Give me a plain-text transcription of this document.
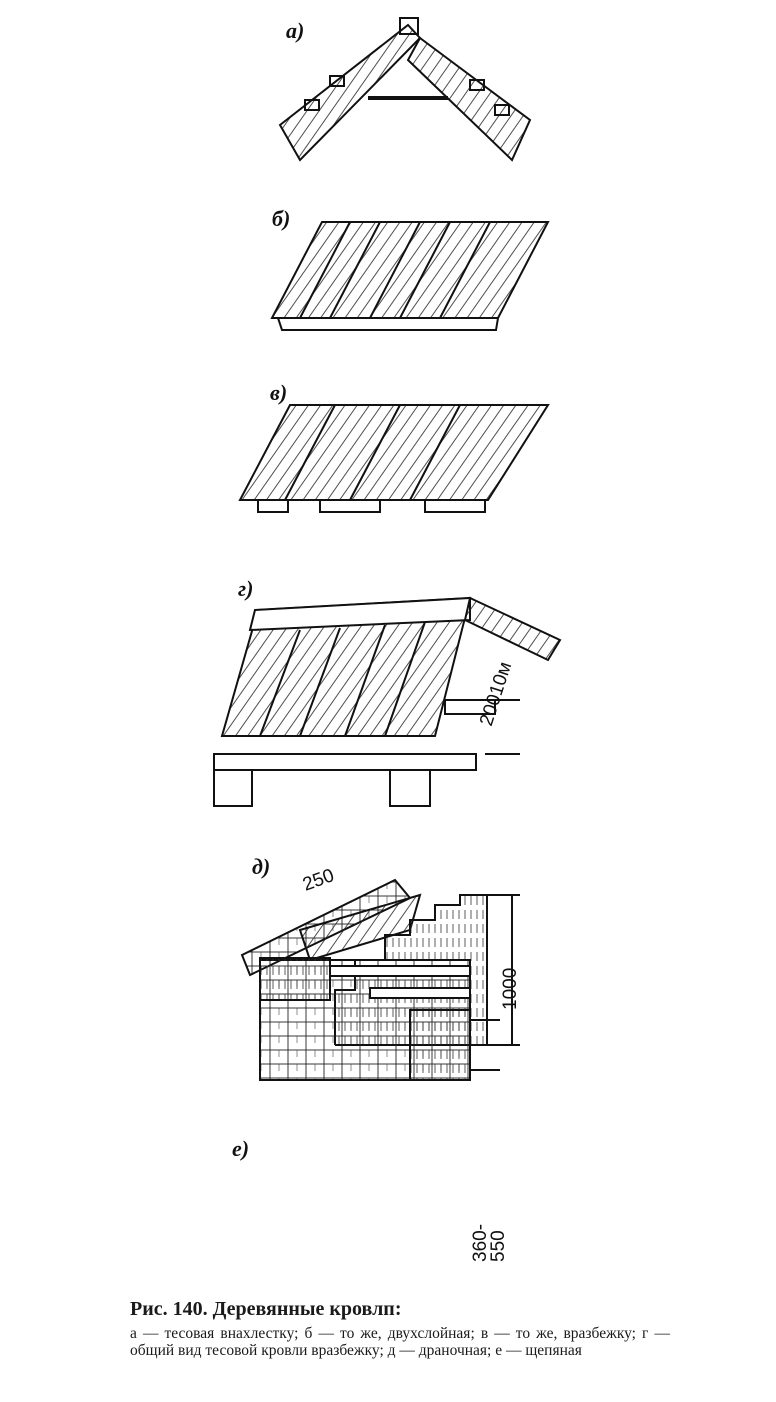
а)
б)
в)
г)
д)
е)
20010м
250
1000
360-
550

Рис. 140. Деревянные кровлп:

а — тесовая внахлестку; б — то же, двухслойная; в — то же, вразбежку; г — общий вид тесовой кровли вразбежку; д — драночная; е — щепяная
